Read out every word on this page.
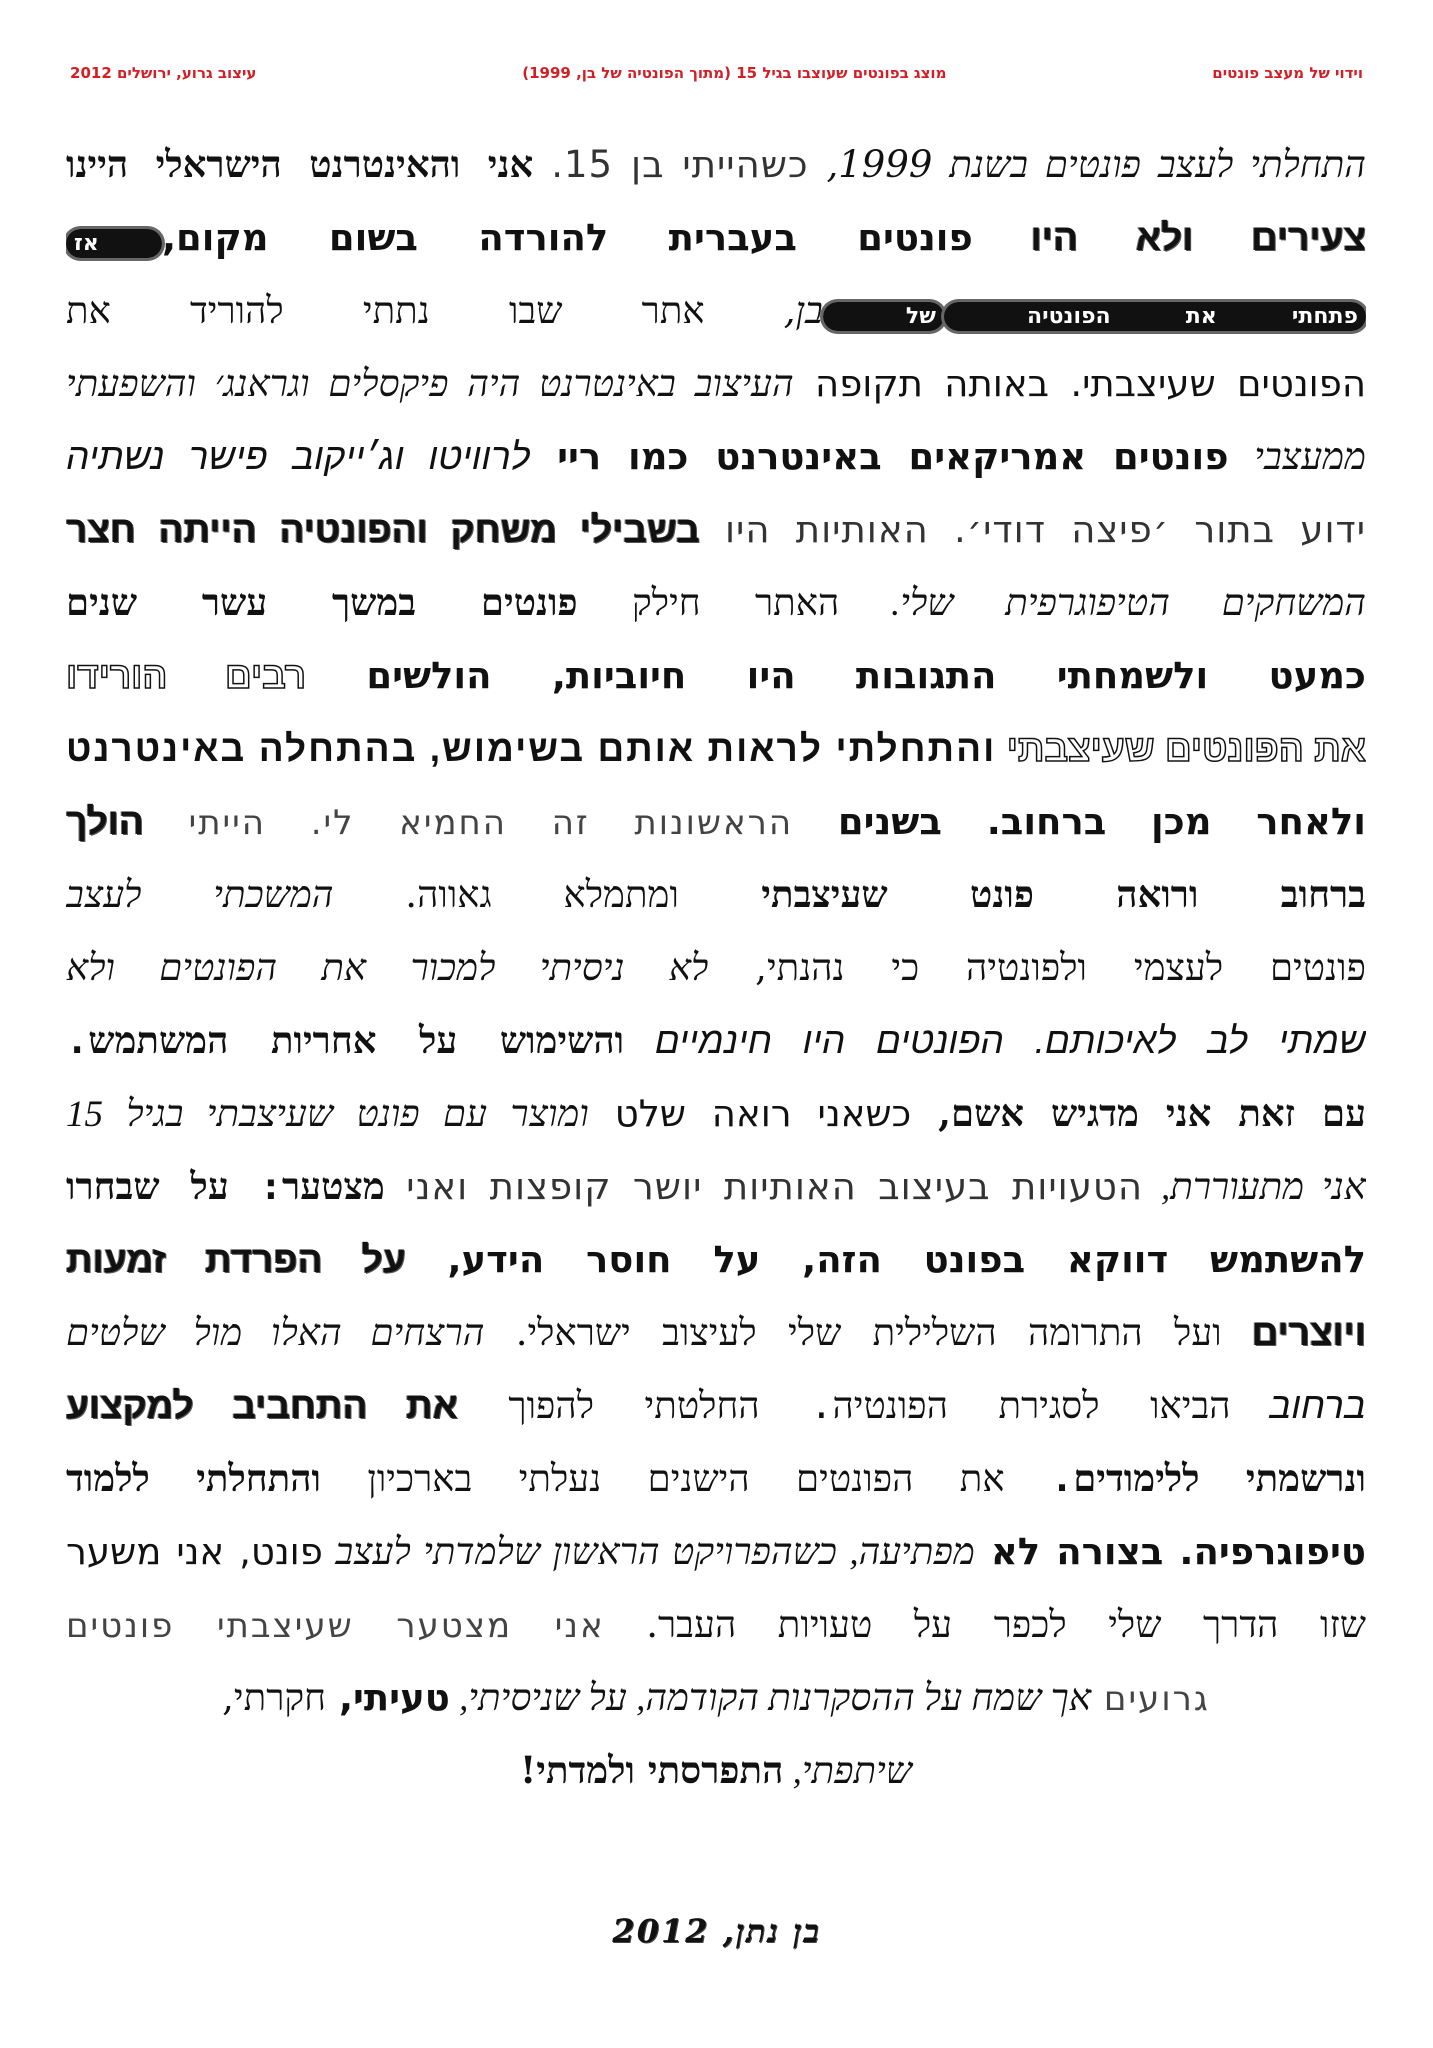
וידוי של מעצב פונטים
מוצג בפונטים שעוצבו בגיל 15 (מתוך הפונטיה של בן, 1999)
עיצוב גרוע, ירושלים 2012
התחלתי לעצב פונטים בשנת 1999, כשהייתי בן 15. אני והאינטרנט הישראלי היינו
צעירים ולא היו פונטים בעברית להורדה בשום מקום, אז
פתחתי את הפונטיה של בן, אתר שבו נתתי להוריד את
הפונטים שעיצבתי. באותה תקופה העיצוב באינטרנט היה פיקסלים וגראנג׳ והשפעתי
ממעצבי פונטים אמריקאים באינטרנט כמו ריי לרוויטו וג׳ייקוב פישר נשתיה
ידוע בתור ׳פיצה דודי׳. האותיות היו בשבילי משחק והפונטיה הייתה חצר
המשחקים הטיפוגרפית שלי. האתר חילק פונטים במשך עשר שנים
כמעט ולשמחתי התגובות היו חיוביות, הולשים רבים הורידו
את הפונטים שעיצבתי והתחלתי לראות אותם בשימוש, בהתחלה באינטרנט
ולאחר מכן ברחוב. בשנים הראשונות זה החמיא לי. הייתי הולך
ברחוב ורואה פונט שעיצבתי ומתמלא גאווה. המשכתי לעצב
פונטים לעצמי ולפונטיה כי נהנתי, לא ניסיתי למכור את הפונטים ולא
שמתי לב לאיכותם. הפונטים היו חינמיים והשימוש על אחריות המשתמש.
עם זאת אני מדגיש אשם, כשאני רואה שלט ומוצר עם פונט שעיצבתי בגיל 15
אני מתעוררת, הטעויות בעיצוב האותיות יושר קופצות ואני מצטער: על שבחרו
להשתמש דווקא בפונט הזה, על חוסר הידע, על הפרדת זמעות
ויוצרים ועל התרומה השלילית שלי לעיצוב ישראלי. הרצחים האלו מול שלטים
ברחוב הביאו לסגירת הפונטיה. החלטתי להפוך את התחביב למקצוע
ונרשמתי ללימודים. את הפונטים הישנים נעלתי בארכיון והתחלתי ללמוד
טיפוגרפיה. בצורה לא מפתיעה, כשהפרויקט הראשון שלמדתי לעצב פונט, אני משער
שזו הדרך שלי לכפר על טעויות העבר. אני מצטער שעיצבתי פונטים
גרועים אך שמח על ההסקרנות הקודמה, על שניסיתי, טעיתי, חקרתי,
שיתפתי, התפרסתי ולמדתי!
בן נתן, 2012
